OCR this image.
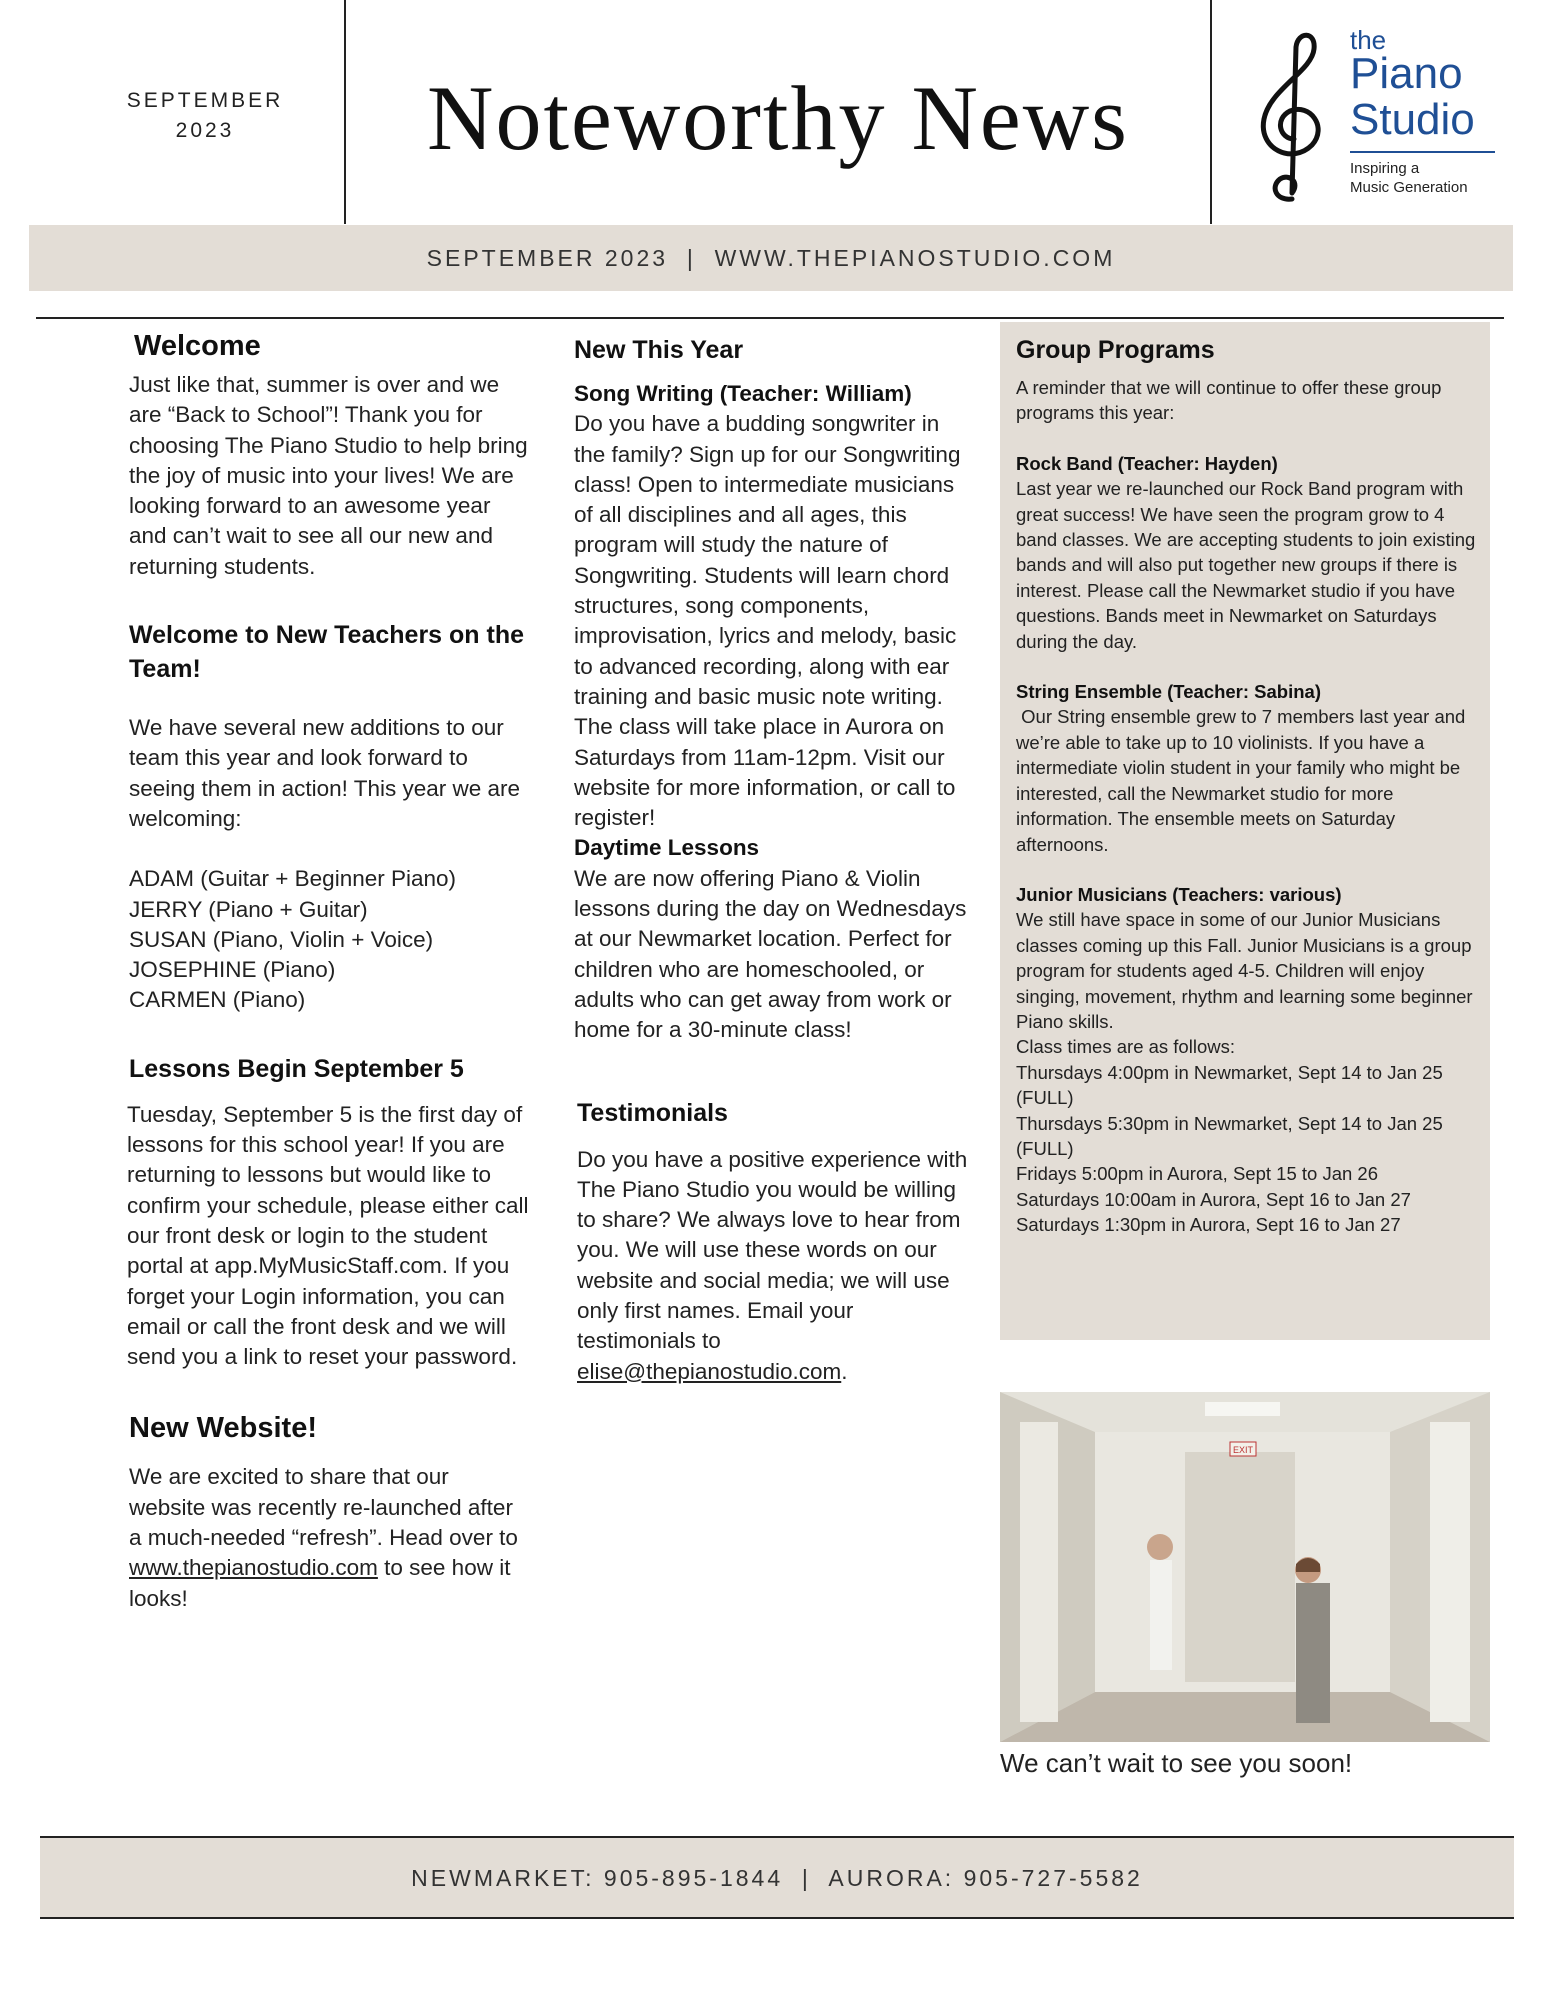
SEPTEMBER
2023	Noteworthy News
the
Piano
Studio
Inspiring a
Music Generation
SEPTEMBER 2023  |  WWW.THEPIANOSTUDIO.COM
Welcome

Just like that, summer is over and we are “Back to School”! Thank you for choosing The Piano Studio to help bring the joy of music into your lives! We are looking forward to an awesome year and can’t wait to see all our new and returning students.

Welcome to New Teachers on the Team!

We have several new additions to our team this year and look forward to seeing them in action! This year we are welcoming:

ADAM (Guitar + Beginner Piano)
JERRY (Piano + Guitar)
SUSAN (Piano, Violin + Voice)
JOSEPHINE (Piano)
CARMEN (Piano)
Lessons Begin September 5

Tuesday, September 5 is the first day of lessons for this school year! If you are returning to lessons but would like to confirm your schedule, please either call our front desk or login to the student portal at app.MyMusicStaff.com. If you forget your Login information, you can email or call the front desk and we will send you a link to reset your password.

New Website!

We are excited to share that our website was recently re-launched after a much-needed “refresh”. Head over to www.thepianostudio.com to see how it looks!

New This Year
Song Writing (Teacher: William)

Do you have a budding songwriter in the family? Sign up for our Songwriting class! Open to intermediate musicians of all disciplines and all ages, this program will study the nature of Songwriting. Students will learn chord structures, song components, improvisation, lyrics and melody, basic to advanced recording, along with ear training and basic music note writing. The class will take place in Aurora on Saturdays from 11am-12pm. Visit our website for more information, or call to register!

Daytime Lessons

We are now offering Piano & Violin lessons during the day on Wednesdays at our Newmarket location. Perfect for children who are homeschooled, or adults who can get away from work or home for a 30-minute class!

Testimonials

Do you have a positive experience with The Piano Studio you would be willing to share? We always love to hear from you. We will use these words on our website and social media; we will use only first names. Email your testimonials to elise@thepianostudio.com.

Group Programs

A reminder that we will continue to offer these group programs this year:

Rock Band (Teacher: Hayden)

Last year we re-launched our Rock Band program with great success! We have seen the program grow to 4 band classes. We are accepting students to join existing bands and will also put together new groups if there is interest. Please call the Newmarket studio if you have questions. Bands meet in Newmarket on Saturdays during the day.

String Ensemble (Teacher: Sabina)

Our String ensemble grew to 7 members last year and we’re able to take up to 10 violinists. If you have a intermediate violin student in your family who might be interested, call the Newmarket studio for more information. The ensemble meets on Saturday afternoons.

Junior Musicians (Teachers: various)

We still have space in some of our Junior Musicians classes coming up this Fall. Junior Musicians is a group program for students aged 4-5. Children will enjoy singing, movement, rhythm and learning some beginner Piano skills.

Class times are as follows:

Thursdays 4:00pm in Newmarket, Sept 14 to Jan 25 (FULL)
Thursdays 5:30pm in Newmarket, Sept 14 to Jan 25 (FULL)
Fridays 5:00pm in Aurora, Sept 15 to Jan 26
Saturdays 10:00am in Aurora, Sept 16 to Jan 27
Saturdays 1:30pm in Aurora, Sept 16 to Jan 27
EXIT
We can’t wait to see you soon!
NEWMARKET: 905-895-1844  |  AURORA: 905-727-5582
